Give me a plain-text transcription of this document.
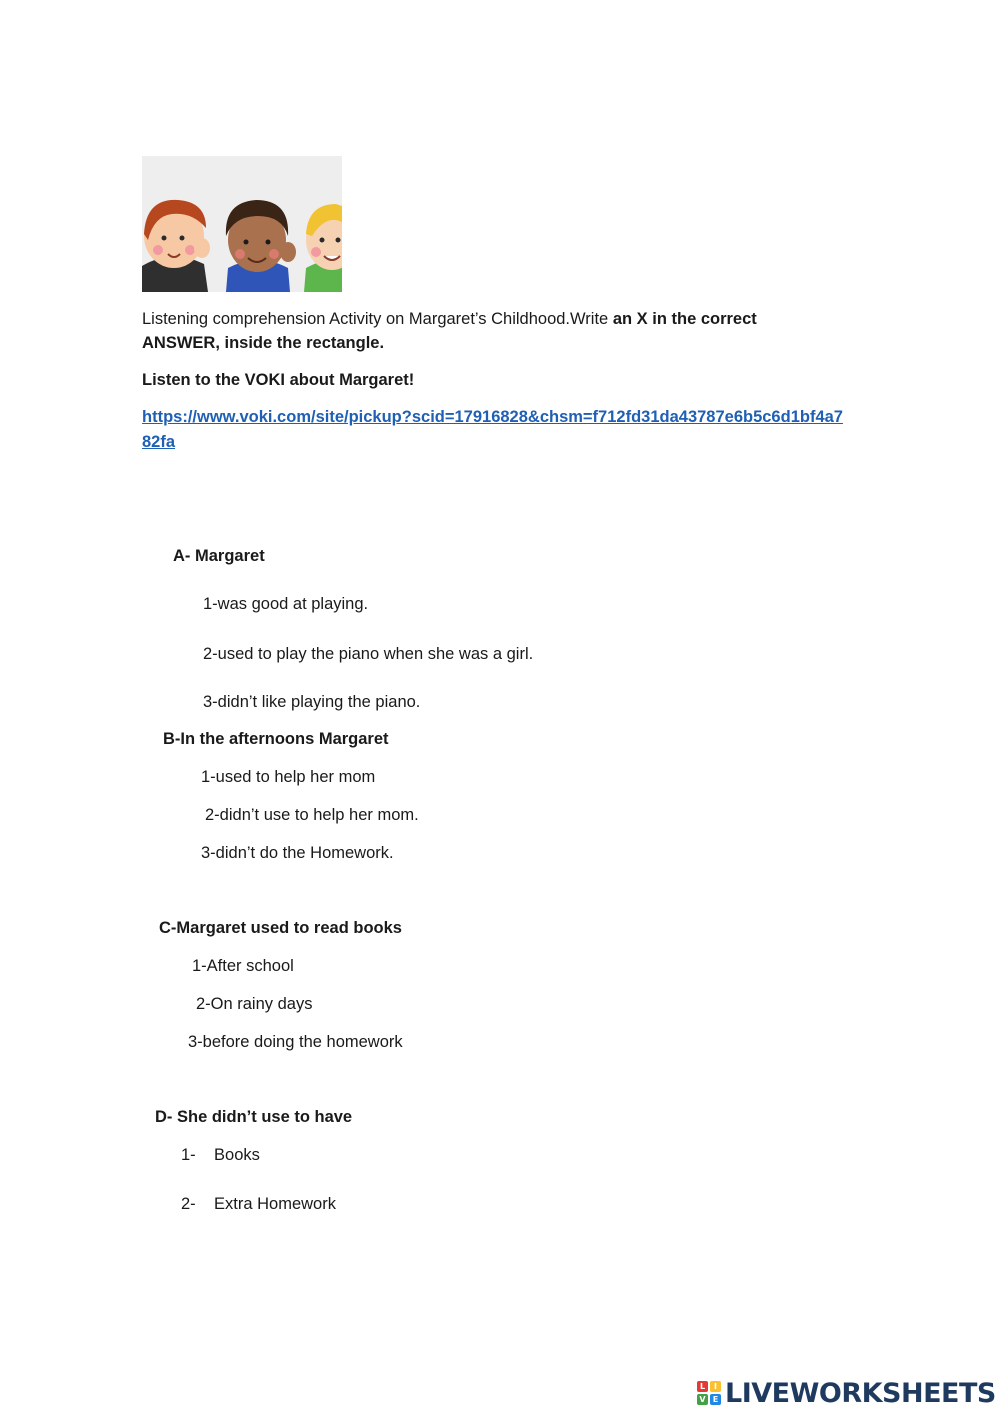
Listening comprehension Activity on Margaret’s Childhood.Write an X in the correct
ANSWER, inside the rectangle.
Listen to the VOKI about Margaret!
https://www.voki.com/site/pickup?scid=17916828&chsm=f712fd31da43787e6b5c6d1bf4a7
82fa
A- Margaret
1-was good at playing.
2-used to play the piano when she was a girl.
3-didn’t like playing the piano.
B-In the afternoons Margaret
1-used to help her mom
2-didn’t use to help her mom.
3-didn’t do the Homework.
C-Margaret used to read books
1-After school
2-On rainy days
3-before doing the homework
D- She didn’t use to have
1-    Books
2-    Extra Homework
L	I
V E LIVEWORKSHEETS
